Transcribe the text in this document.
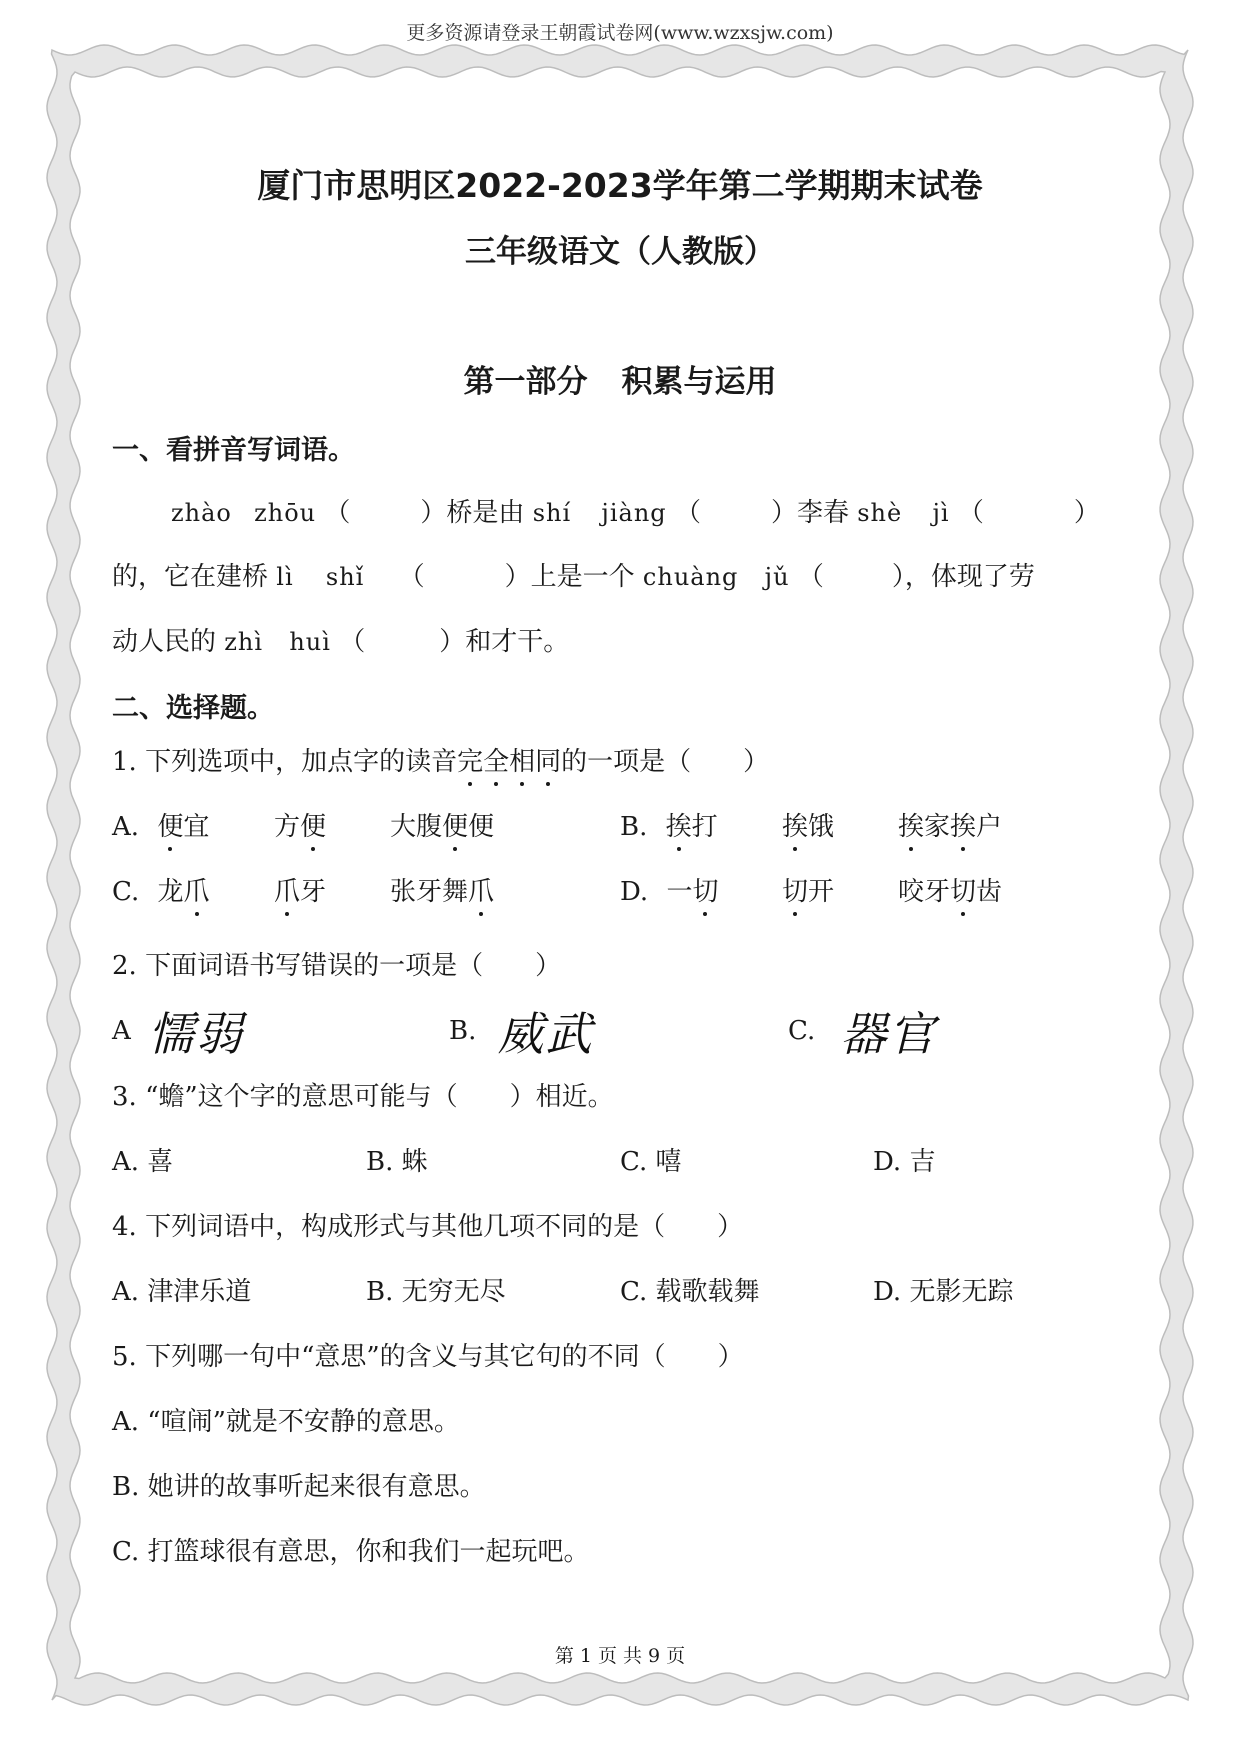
更多资源请登录王朝霞试卷网(www.wzxsjw.com)
厦门市思明区2022-2023学年第二学期期末试卷
三年级语文（人教版）
第一部分 积累与运用
一、看拼音写词语。
zhào zhōu （	）桥是由 shí jiàng （	）李春 shè jì （	）
的，它在建桥 lì shǐ （	）上是一个 chuàng jǔ （	），体现了劳
动人民的 zhì huì （	）和才干。
二、选择题。
1. 下列选项中，加点字的读音完全相同的一项是（　　）
A. 便宜 方便 大腹便便	B. 挨打 挨饿 挨家挨户
C. 龙爪 爪牙 张牙舞爪	D. 一切 切开 咬牙切齿
2. 下面词语书写错误的一项是（　　）
A 懦弱	B. 威武	C. 器官
3. “蟾”这个字的意思可能与（　　）相近。
A. 喜	B. 蛛	C. 嘻	D. 吉
4. 下列词语中，构成形式与其他几项不同的是（　　）
A. 津津乐道	B. 无穷无尽	C. 载歌载舞	D. 无影无踪
5. 下列哪一句中“意思”的含义与其它句的不同（　　）
A. “喧闹”就是不安静的意思。
B. 她讲的故事听起来很有意思。
C. 打篮球很有意思，你和我们一起玩吧。
第 1 页 共 9 页
